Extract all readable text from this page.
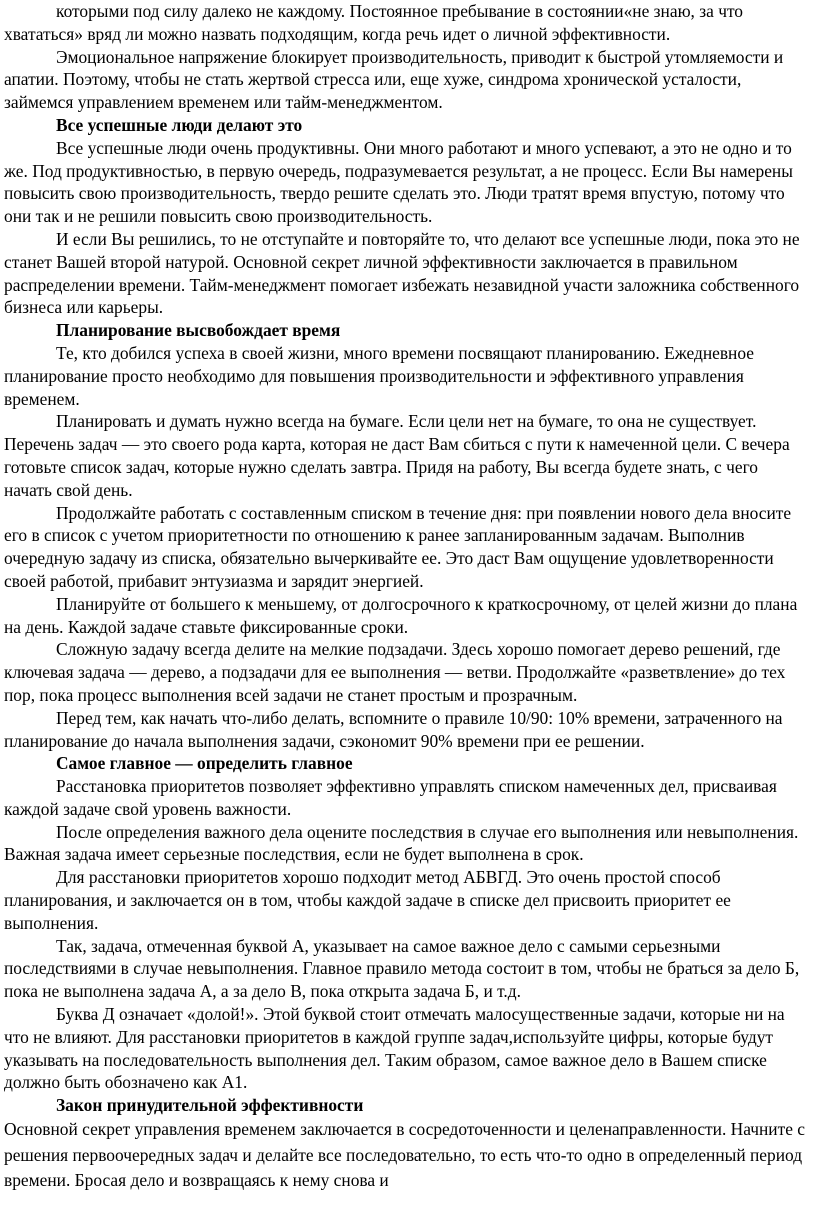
которыми под силу далеко не каждому. Постоянное пребывание в состоянии«не знаю, за что хвататься» вряд ли можно назвать подходящим, когда речь идет о личной эффективности.

Эмоциональное напряжение блокирует производительность, приводит к быстрой утомляемости и апатии. Поэтому, чтобы не стать жертвой стресса или, еще хуже, синдрома хронической усталости, займемся управлением временем или тайм-менеджментом.

Все успешные люди делают это

Все успешные люди очень продуктивны. Они много работают и много успевают, а это не одно и то же. Под продуктивностью, в первую очередь, подразумевается результат, а не процесс. Если Вы намерены повысить свою производительность, твердо решите сделать это. Люди тратят время впустую, потому что они так и не решили повысить свою производительность.

И если Вы решились, то не отступайте и повторяйте то, что делают все успешные люди, пока это не станет Вашей второй натурой. Основной секрет личной эффективности заключается в правильном распределении времени. Тайм-менеджмент помогает избежать незавидной участи заложника собственного бизнеса или карьеры.

Планирование высвобождает время

Те, кто добился успеха в своей жизни, много времени посвящают планированию. Ежедневное планирование просто необходимо для повышения производительности и эффективного управления временем.

Планировать и думать нужно всегда на бумаге. Если цели нет на бумаге, то она не существует. Перечень задач — это своего рода карта, которая не даст Вам сбиться с пути к намеченной цели. С вечера готовьте список задач, которые нужно сделать завтра. Придя на работу, Вы всегда будете знать, с чего начать свой день.

Продолжайте работать с составленным списком в течение дня: при появлении нового дела вносите его в список с учетом приоритетности по отношению к ранее запланированным задачам. Выполнив очередную задачу из списка, обязательно вычеркивайте ее. Это даст Вам ощущение удовлетворенности своей работой, прибавит энтузиазма и зарядит энергией.

Планируйте от большего к меньшему, от долгосрочного к краткосрочному, от целей жизни до плана на день. Каждой задаче ставьте фиксированные сроки.

Сложную задачу всегда делите на мелкие подзадачи. Здесь хорошо помогает дерево решений, где ключевая задача — дерево, а подзадачи для ее выполнения — ветви. Продолжайте «разветвление» до тех пор, пока процесс выполнения всей задачи не станет простым и прозрачным.

Перед тем, как начать что-либо делать, вспомните о правиле 10/90: 10% времени, затраченного на планирование до начала выполнения задачи, сэкономит 90% времени при ее решении.

Самое главное — определить главное

Расстановка приоритетов позволяет эффективно управлять списком намеченных дел, присваивая каждой задаче свой уровень важности.

После определения важного дела оцените последствия в случае его выполнения или невыполнения. Важная задача имеет серьезные последствия, если не будет выполнена в срок.

Для расстановки приоритетов хорошо подходит метод АБВГД. Это очень простой способ планирования, и заключается он в том, чтобы каждой задаче в списке дел присвоить приоритет ее выполнения.

Так, задача, отмеченная буквой А, указывает на самое важное дело с самыми серьезными последствиями в случае невыполнения. Главное правило метода состоит в том, чтобы не браться за дело Б, пока не выполнена задача А, а за дело В, пока открыта задача Б, и т.д.

Буква Д означает «долой!». Этой буквой стоит отмечать малосущественные задачи, которые ни на что не влияют. Для расстановки приоритетов в каждой группе задач,используйте цифры, которые будут указывать на последовательность выполнения дел. Таким образом, самое важное дело в Вашем списке должно быть обозначено как А1.

Закон принудительной эффективности

Основной секрет управления временем заключается в сосредоточенности и целенаправленности. Начните с решения первоочередных задач и делайте все последовательно, то есть что-то одно в определенный период времени. Бросая дело и возвращаясь к нему снова и
